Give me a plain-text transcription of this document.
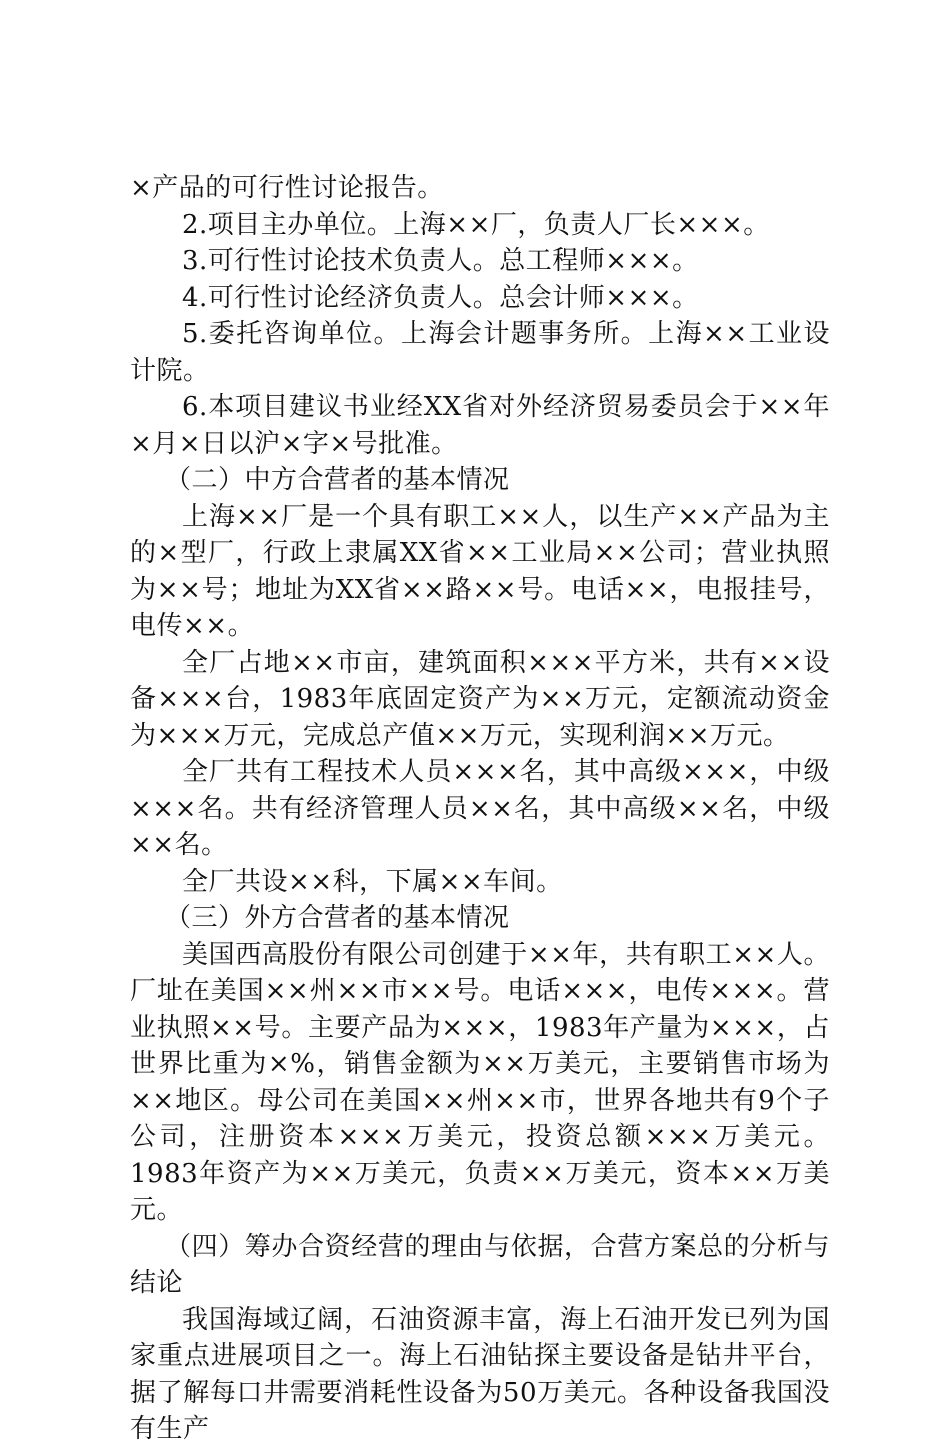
×产品的可行性讨论报告。

2.项目主办单位。上海××厂，负责人厂长×××。

3.可行性讨论技术负责人。总工程师×××。

4.可行性讨论经济负责人。总会计师×××。

5.委托咨询单位。上海会计题事务所。上海××工业设计院。

6.本项目建议书业经XX省对外经济贸易委员会于××年×月×日以沪×字×号批准。

（二）中方合营者的基本情况

上海××厂是一个具有职工××人，以生产××产品为主的×型厂，行政上隶属XX省××工业局××公司；营业执照为××号；地址为XX省××路××号。电话××，电报挂号，电传××。

全厂占地××市亩，建筑面积×××平方米，共有××设备×××台，1983年底固定资产为××万元，定额流动资金为×××万元，完成总产值××万元，实现利润××万元。

全厂共有工程技术人员×××名，其中高级×××，中级×××名。共有经济管理人员××名，其中高级××名，中级××名。

全厂共设××科，下属××车间。

（三）外方合营者的基本情况

美国西高股份有限公司创建于××年，共有职工××人。厂址在美国××州××市××号。电话×××，电传×××。营业执照××号。主要产品为×××，1983年产量为×××，占世界比重为×%，销售金额为××万美元，主要销售市场为××地区。母公司在美国××州××市，世界各地共有9个子公司，注册资本×××万美元，投资总额×××万美元。1983年资产为××万美元，负责××万美元，资本××万美元。

（四）筹办合资经营的理由与依据，合营方案总的分析与结论

我国海域辽阔，石油资源丰富，海上石油开发已列为国家重点进展项目之一。海上石油钻探主要设备是钻井平台，据了解每口井需要消耗性设备为50万美元。各种设备我国没有生产
